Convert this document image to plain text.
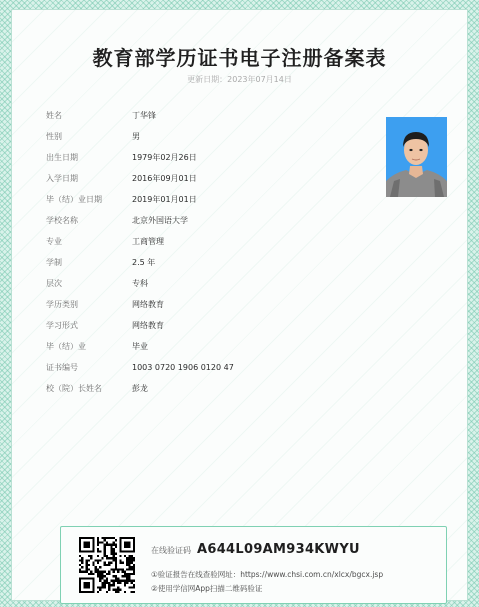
教育部学历证书电子注册备案表
更新日期：2023年07月14日
姓名	丁华锋
性别	男
出生日期	1979年02月26日
入学日期	2016年09月01日
毕（结）业日期	2019年01月01日
学校名称	北京外国语大学
专业	工商管理
学制	2.5 年
层次	专科
学历类别	网络教育
学习形式	网络教育
毕（结）业	毕业
证书编号	1003 0720 1906 0120 47
校（院）长姓名	彭龙
在线验证码 A644L09AM934KWYU
①验证报告在线查验网址：https://www.chsi.com.cn/xlcx/bgcx.jsp
②使用学信网App扫描二维码验证
